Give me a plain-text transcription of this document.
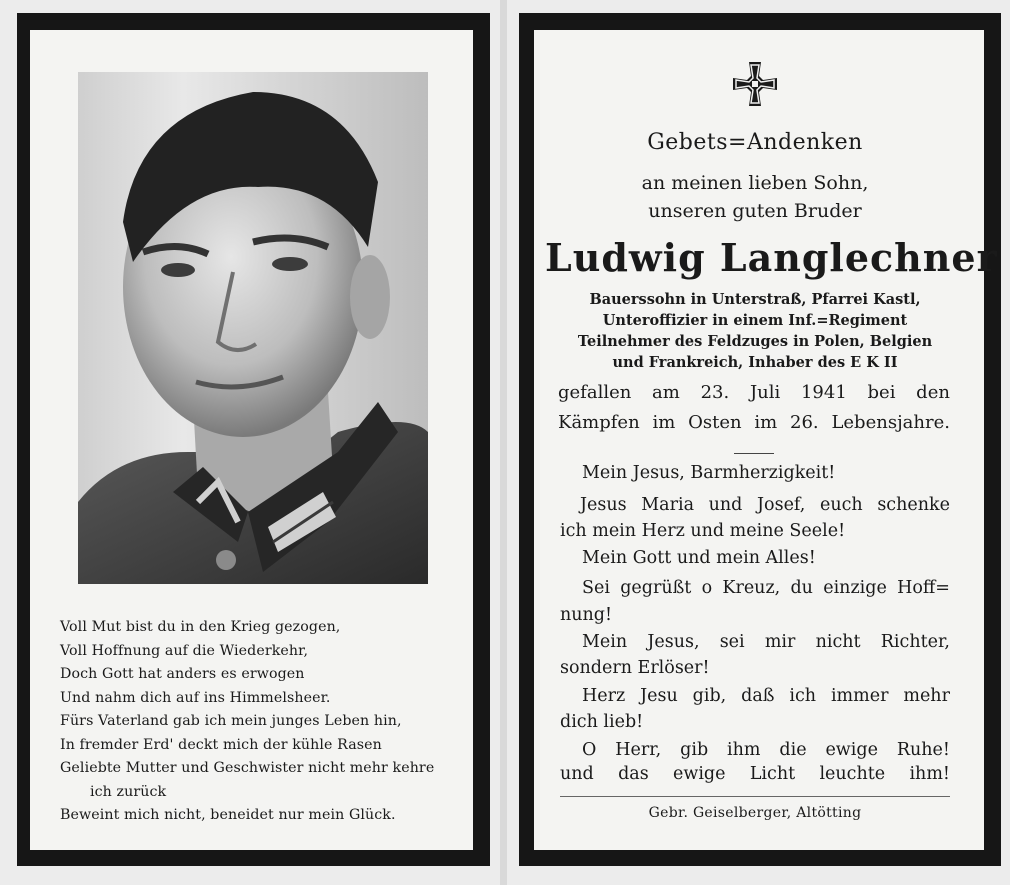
Voll Mut bist du in den Krieg gezogen,
Voll Hoffnung auf die Wiederkehr,
Doch Gott hat anders es erwogen
Und nahm dich auf ins Himmelsheer.
Fürs Vaterland gab ich mein junges Leben hin,
In fremder Erd' deckt mich der kühle Rasen
Geliebte Mutter und Geschwister nicht mehr kehre
ich zurück
Beweint mich nicht, beneidet nur mein Glück.
Gebets=Andenken
an meinen lieben Sohn,
unseren guten Bruder
Ludwig Langlechner
Bauerssohn in Unterstraß, Pfarrei Kastl,
Unteroffizier in einem Inf.=Regiment
Teilnehmer des Feldzuges in Polen, Belgien
und Frankreich, Inhaber des E K II
gefallen am 23. Juli 1941 bei den
Kämpfen im Osten im 26. Lebensjahre.
Mein Jesus, Barmherzigkeit!
Jesus Maria und Josef, euch schenke
ich mein Herz und meine Seele!
Mein Gott und mein Alles!
Sei gegrüßt o Kreuz, du einzige Hoff=
nung!
Mein Jesus, sei mir nicht Richter,
sondern Erlöser!
Herz Jesu gib, daß ich immer mehr
dich lieb!
O Herr, gib ihm die ewige Ruhe!
und das ewige Licht leuchte ihm!
Gebr. Geiselberger, Altötting
